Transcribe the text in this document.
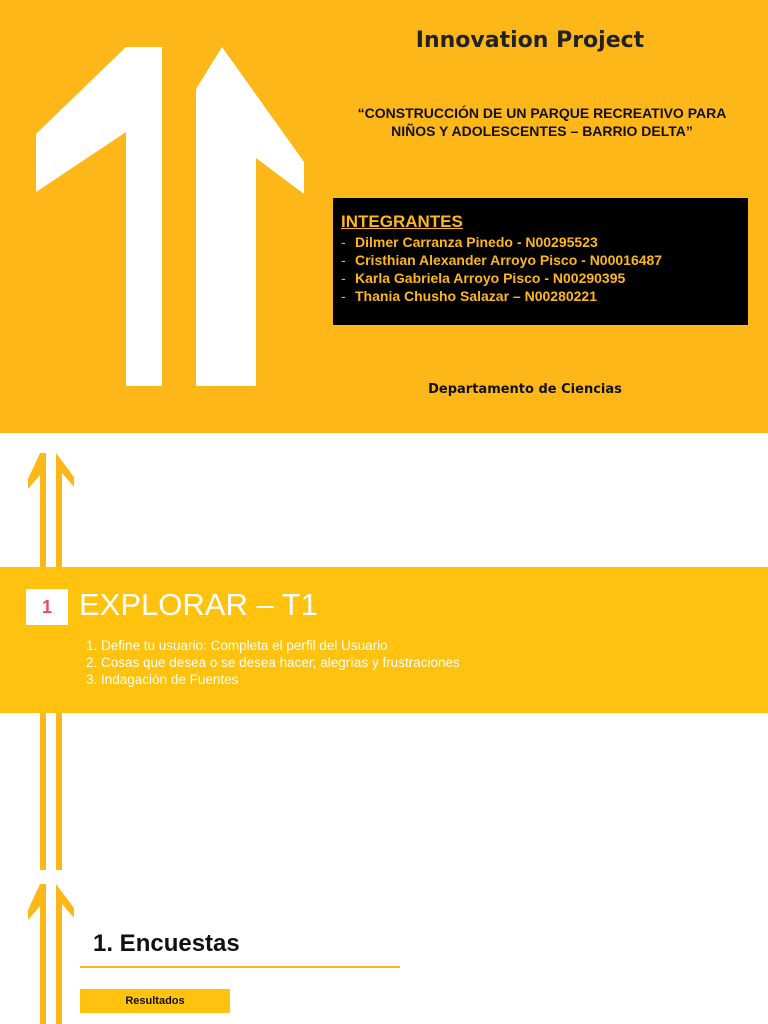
Innovation Project
“CONSTRUCCIÓN DE UN PARQUE RECREATIVO PARA
NIÑOS Y ADOLESCENTES – BARRIO DELTA”
INTEGRANTES
- Dilmer Carranza Pinedo - N00295523
- Cristhian Alexander Arroyo Pisco - N00016487
- Karla Gabriela Arroyo Pisco - N00290395
- Thania Chusho Salazar – N00280221
Departamento de Ciencias
1 EXPLORAR – T1
1. Define tu usuario: Completa el perfil del Usuario
2. Cosas que desea o se desea hacer, alegrías y frustraciones
3. Indagación de Fuentes
1. Encuestas
Resultados
